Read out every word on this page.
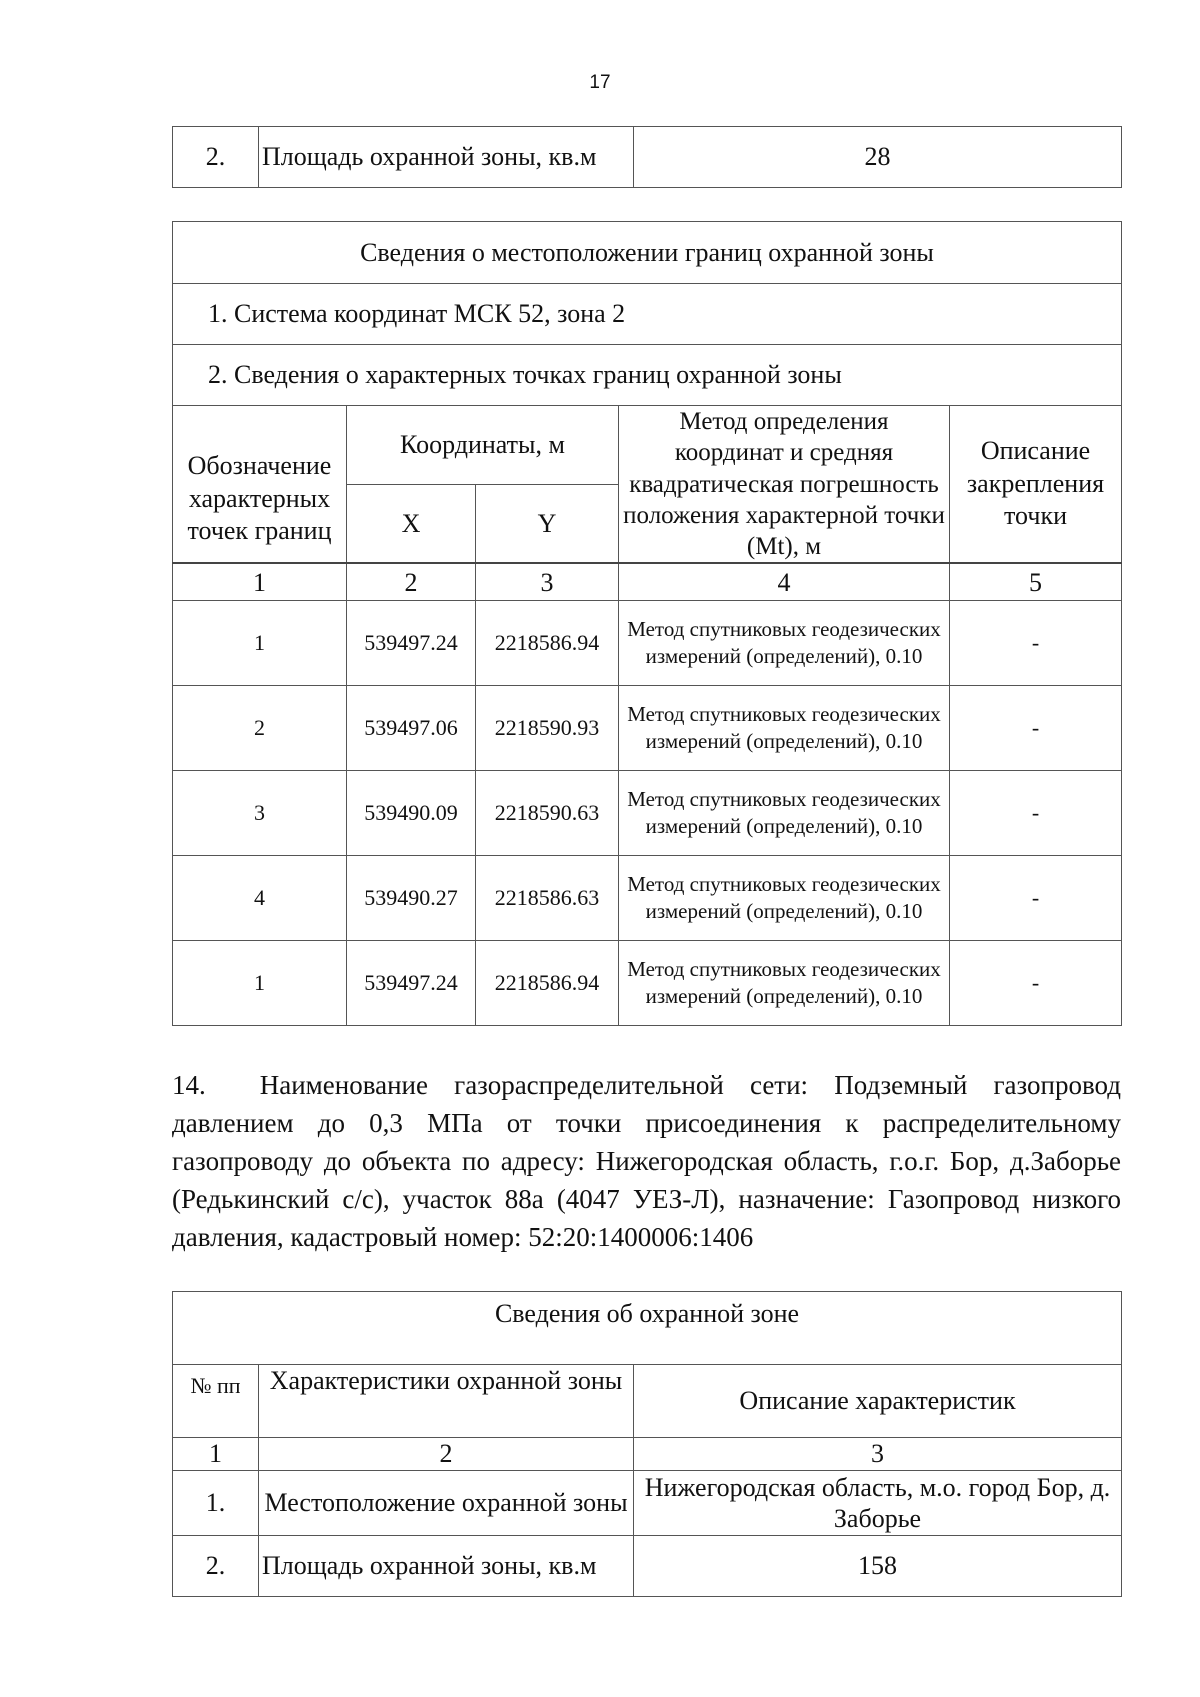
17
2.	Площадь охранной зоны, кв.м	28
Сведения о местоположении границ охранной зоны				
1. Система координат МСК 52, зона 2				
2. Сведения о характерных точках границ охранной зоны				
Обозначение характерных точек границ	Координаты, м		Метод определения координат и средняя квадратическая погрешность положения характерной точки (Mt), м	Описание закрепления точки
	X	Y		
1	2	3	4	5
1	539497.24	2218586.94	Метод спутниковых геодезических измерений (определений), 0.10	-
2	539497.06	2218590.93	Метод спутниковых геодезических измерений (определений), 0.10	-
3	539490.09	2218590.63	Метод спутниковых геодезических измерений (определений), 0.10	-
4	539490.27	2218586.63	Метод спутниковых геодезических измерений (определений), 0.10	-
1	539497.24	2218586.94	Метод спутниковых геодезических измерений (определений), 0.10	-

14.  Наименование газораспределительной сети: Подземный газопровод давлением до 0,3 МПа от точки присоединения к распределительному газопроводу до объекта по адресу: Нижегородская область, г.о.г. Бор, д.Заборье (Редькинский с/с), участок 88а (4047 УЕЗ-Л), назначение: Газопровод низкого давления, кадастровый номер: 52:20:1400006:1406

Сведения об охранной зоне		
№ пп	Характеристики охранной зоны	Описание характеристик
1	2	3
1.	Местоположение охранной зоны	Нижегородская область, м.о. город Бор, д. Заборье
2.	Площадь охранной зоны, кв.м	158
